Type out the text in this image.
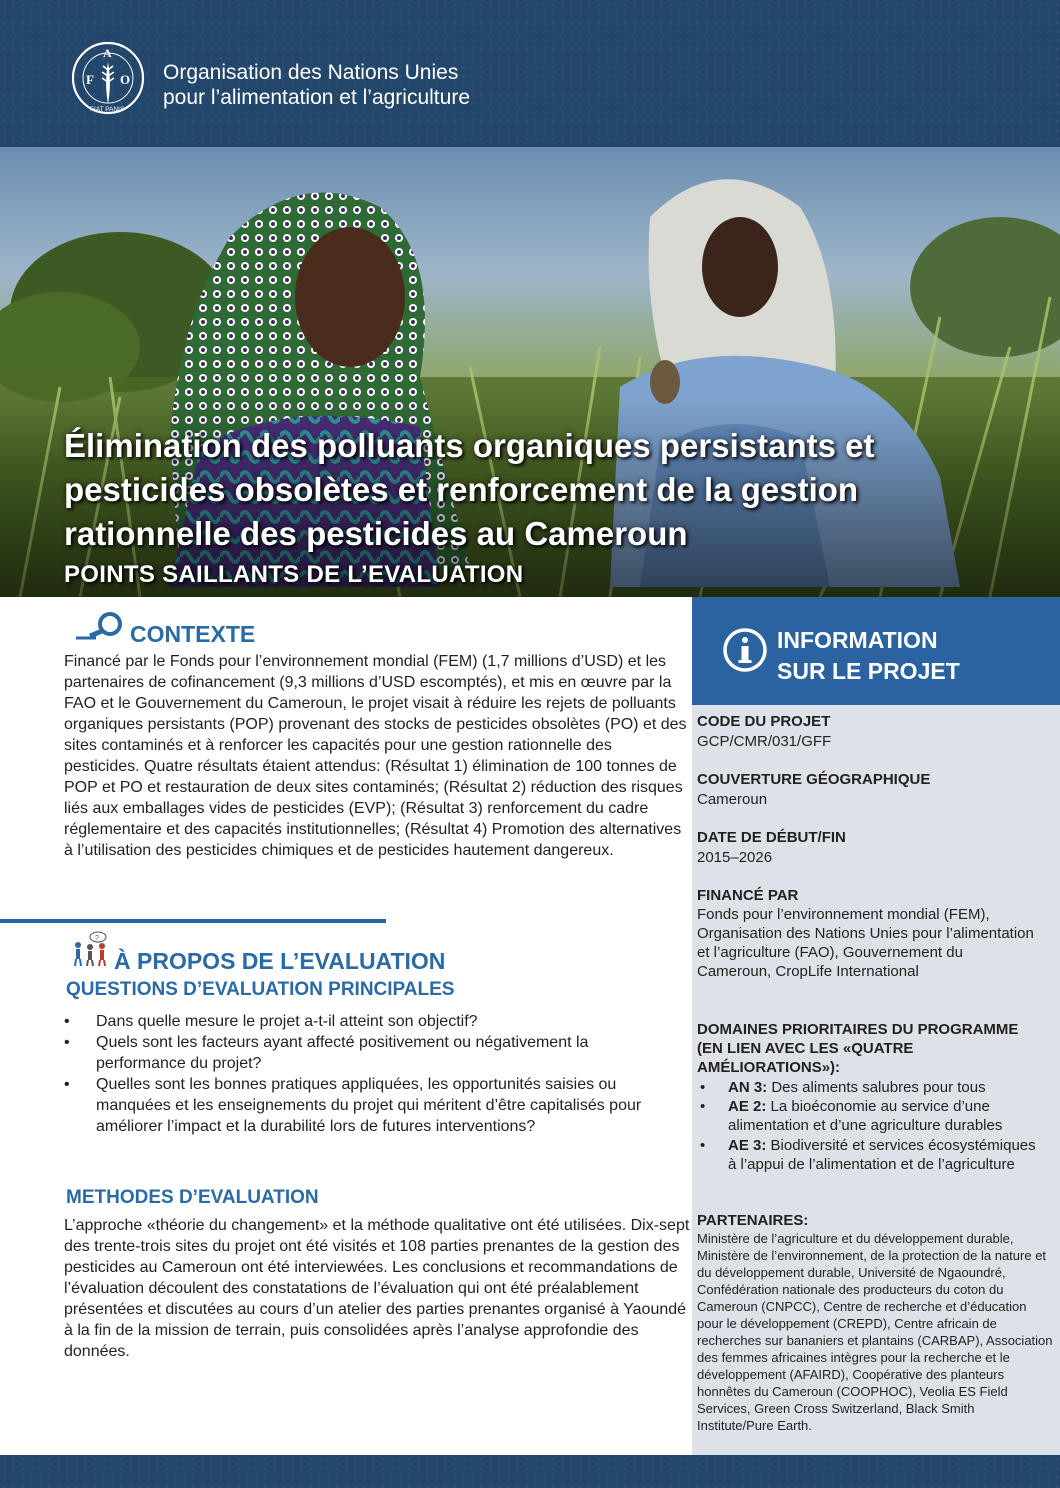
F
A
O
FIAT PANIS
Organisation des Nations Unies
pour l’alimentation et l’agriculture
Élimination des polluants organiques persistants et pesticides obsolètes et renforcement de la gestion rationnelle des pesticides au Cameroun
POINTS SAILLANTS DE L’EVALUATION
CONTEXTE

Financé par le Fonds pour l’environnement mondial (FEM) (1,7 millions d’USD) et les partenaires de cofinancement (9,3 millions d’USD escomptés), et mis en œuvre par la FAO et le Gouvernement du Cameroun, le projet visait à réduire les rejets de polluants organiques persistants (POP) provenant des stocks de pesticides obsolètes (PO) et des sites contaminés et à renforcer les capacités pour une gestion rationnelle des pesticides. Quatre résultats étaient attendus: (Résultat 1) élimination de 100 tonnes de POP et PO et restauration de deux sites contaminés; (Résultat 2) réduction des risques liés aux emballages vides de pesticides (EVP); (Résultat 3) renforcement du cadre réglementaire et des capacités institutionnelles; (Résultat 4) Promotion des alternatives à l’utilisation des pesticides chimiques et de pesticides hautement dangereux.

?
À PROPOS DE L’EVALUATION
QUESTIONS D’EVALUATION PRINCIPALES
• Dans quelle mesure le projet a-t-il atteint son objectif?
• Quels sont les facteurs ayant affecté positivement ou négativement la performance du projet?
• Quelles sont les bonnes pratiques appliquées, les opportunités saisies ou manquées et les enseignements du projet qui méritent d’être capitalisés pour améliorer l’impact et la durabilité lors de futures interventions?
METHODES D’EVALUATION

L’approche «théorie du changement» et la méthode qualitative ont été utilisées. Dix-sept des trente-trois sites du projet ont été visités et 108 parties prenantes de la gestion des pesticides au Cameroun ont été interviewées. Les conclusions et recommandations de l’évaluation découlent des constatations de l’évaluation qui ont été préalablement présentées et discutées au cours d’un atelier des parties prenantes organisé à Yaoundé à la fin de la mission de terrain, puis consolidées après l’analyse approfondie des données.

INFORMATION
SUR LE PROJET
CODE DU PROJET
GCP/CMR/031/GFF
COUVERTURE GÉOGRAPHIQUE
Cameroun
DATE DE DÉBUT/FIN
2015–2026
FINANCÉ PAR
Fonds pour l’environnement mondial (FEM), Organisation des Nations Unies pour l’alimentation et l’agriculture (FAO), Gouvernement du Cameroun, CropLife International
DOMAINES PRIORITAIRES DU PROGRAMME (EN LIEN AVEC LES «QUATRE AMÉLIORATIONS»):
• AN 3: Des aliments salubres pour tous
• AE 2: La bioéconomie au service d’une alimentation et d’une agriculture durables
• AE 3: Biodiversité et services écosystémiques à l’appui de l’alimentation et de l’agriculture
PARTENAIRES:
Ministère de l’agriculture et du développement durable, Ministère de l’environnement, de la protection de la nature et du développement durable, Université de Ngaoundré, Confédération nationale des producteurs du coton du Cameroun (CNPCC), Centre de recherche et d’éducation pour le développement (CREPD), Centre africain de recherches sur bananiers et plantains (CARBAP), Association des femmes africaines intègres pour la recherche et le développement (AFAIRD), Coopérative des planteurs honnêtes du Cameroun (COOPHOC), Veolia ES Field Services, Green Cross Switzerland, Black Smith Institute/Pure Earth.
